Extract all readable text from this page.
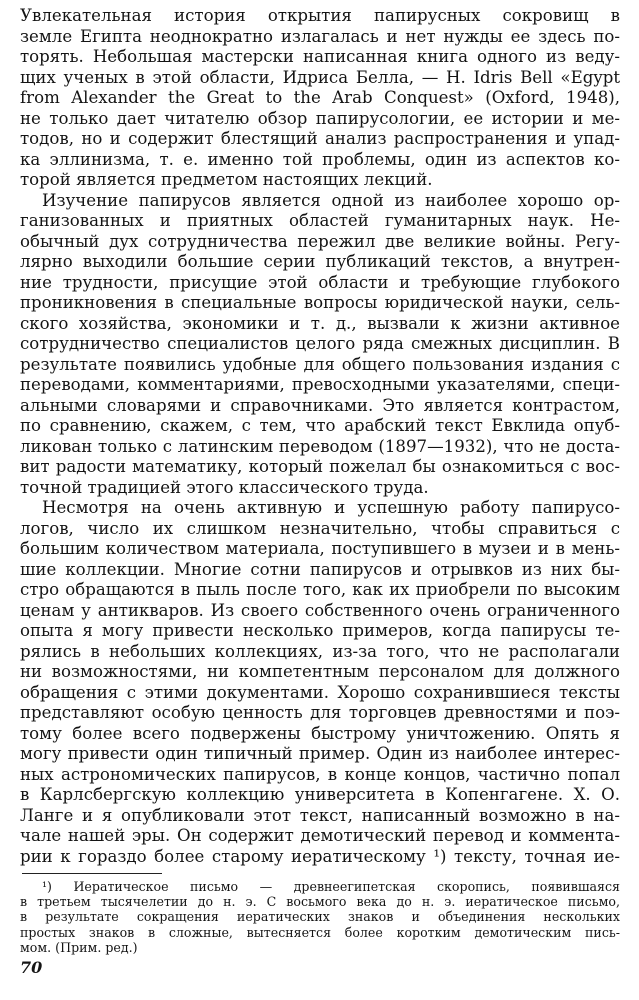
Увлекательная история открытия папирусных сокровищ в
земле Египта неоднократно излагалась и нет нужды ее здесь по-
торять. Небольшая мастерски написанная книга одного из веду-
щих ученых в этой области, Идриса Белла, — H. Idris Bell «Egypt
from Alexander the Great to the Arab Conquest» (Oxford, 1948),
не только дает читателю обзор папирусологии, ее истории и ме-
тодов, но и содержит блестящий анализ распространения и упад-
ка эллинизма, т. е. именно той проблемы, один из аспектов ко-
торой является предметом настоящих лекций.
Изучение папирусов является одной из наиболее хорошо ор-
ганизованных и приятных областей гуманитарных наук. Не-
обычный дух сотрудничества пережил две великие войны. Регу-
лярно выходили большие серии публикаций текстов, а внутрен-
ние трудности, присущие этой области и требующие глубокого
проникновения в специальные вопросы юридической науки, сель-
ского хозяйства, экономики и т. д., вызвали к жизни активное
сотрудничество специалистов целого ряда смежных дисциплин. В
результате появились удобные для общего пользования издания с
переводами, комментариями, превосходными указателями, специ-
альными словарями и справочниками. Это является контрастом,
по сравнению, скажем, с тем, что арабский текст Евклида опуб-
ликован только с латинским переводом (1897—1932), что не доста-
вит радости математику, который пожелал бы ознакомиться с вос-
точной традицией этого классического труда.
Несмотря на очень активную и успешную работу папирусо-
логов, число их слишком незначительно, чтобы справиться с
большим количеством материала, поступившего в музеи и в мень-
шие коллекции. Многие сотни папирусов и отрывков из них бы-
стро обращаются в пыль после того, как их приобрели по высоким
ценам у антикваров. Из своего собственного очень ограниченного
опыта я могу привести несколько примеров, когда папирусы те-
рялись в небольших коллекциях, из-за того, что не располагали
ни возможностями, ни компетентным персоналом для должного
обращения с этими документами. Хорошо сохранившиеся тексты
представляют особую ценность для торговцев древностями и поэ-
тому более всего подвержены быстрому уничтожению. Опять я
могу привести один типичный пример. Один из наиболее интерес-
ных астрономических папирусов, в конце концов, частично попал
в Карлсбергскую коллекцию университета в Копенгагене. Х. О.
Ланге и я опубликовали этот текст, написанный возможно в на-
чале нашей эры. Он содержит демотический перевод и коммента-
рии к гораздо более старому иератическому ¹) тексту, точная ие-
¹) Иератическое письмо — древнеегипетская скоропись, появившаяся
в третьем тысячелетии до н. э. С восьмого века до н. э. иератическое письмо,
в результате сокращения иератических знаков и объединения нескольких
простых знаков в сложные, вытесняется более коротким демотическим пись-
мом. (Прим. ред.)
70
